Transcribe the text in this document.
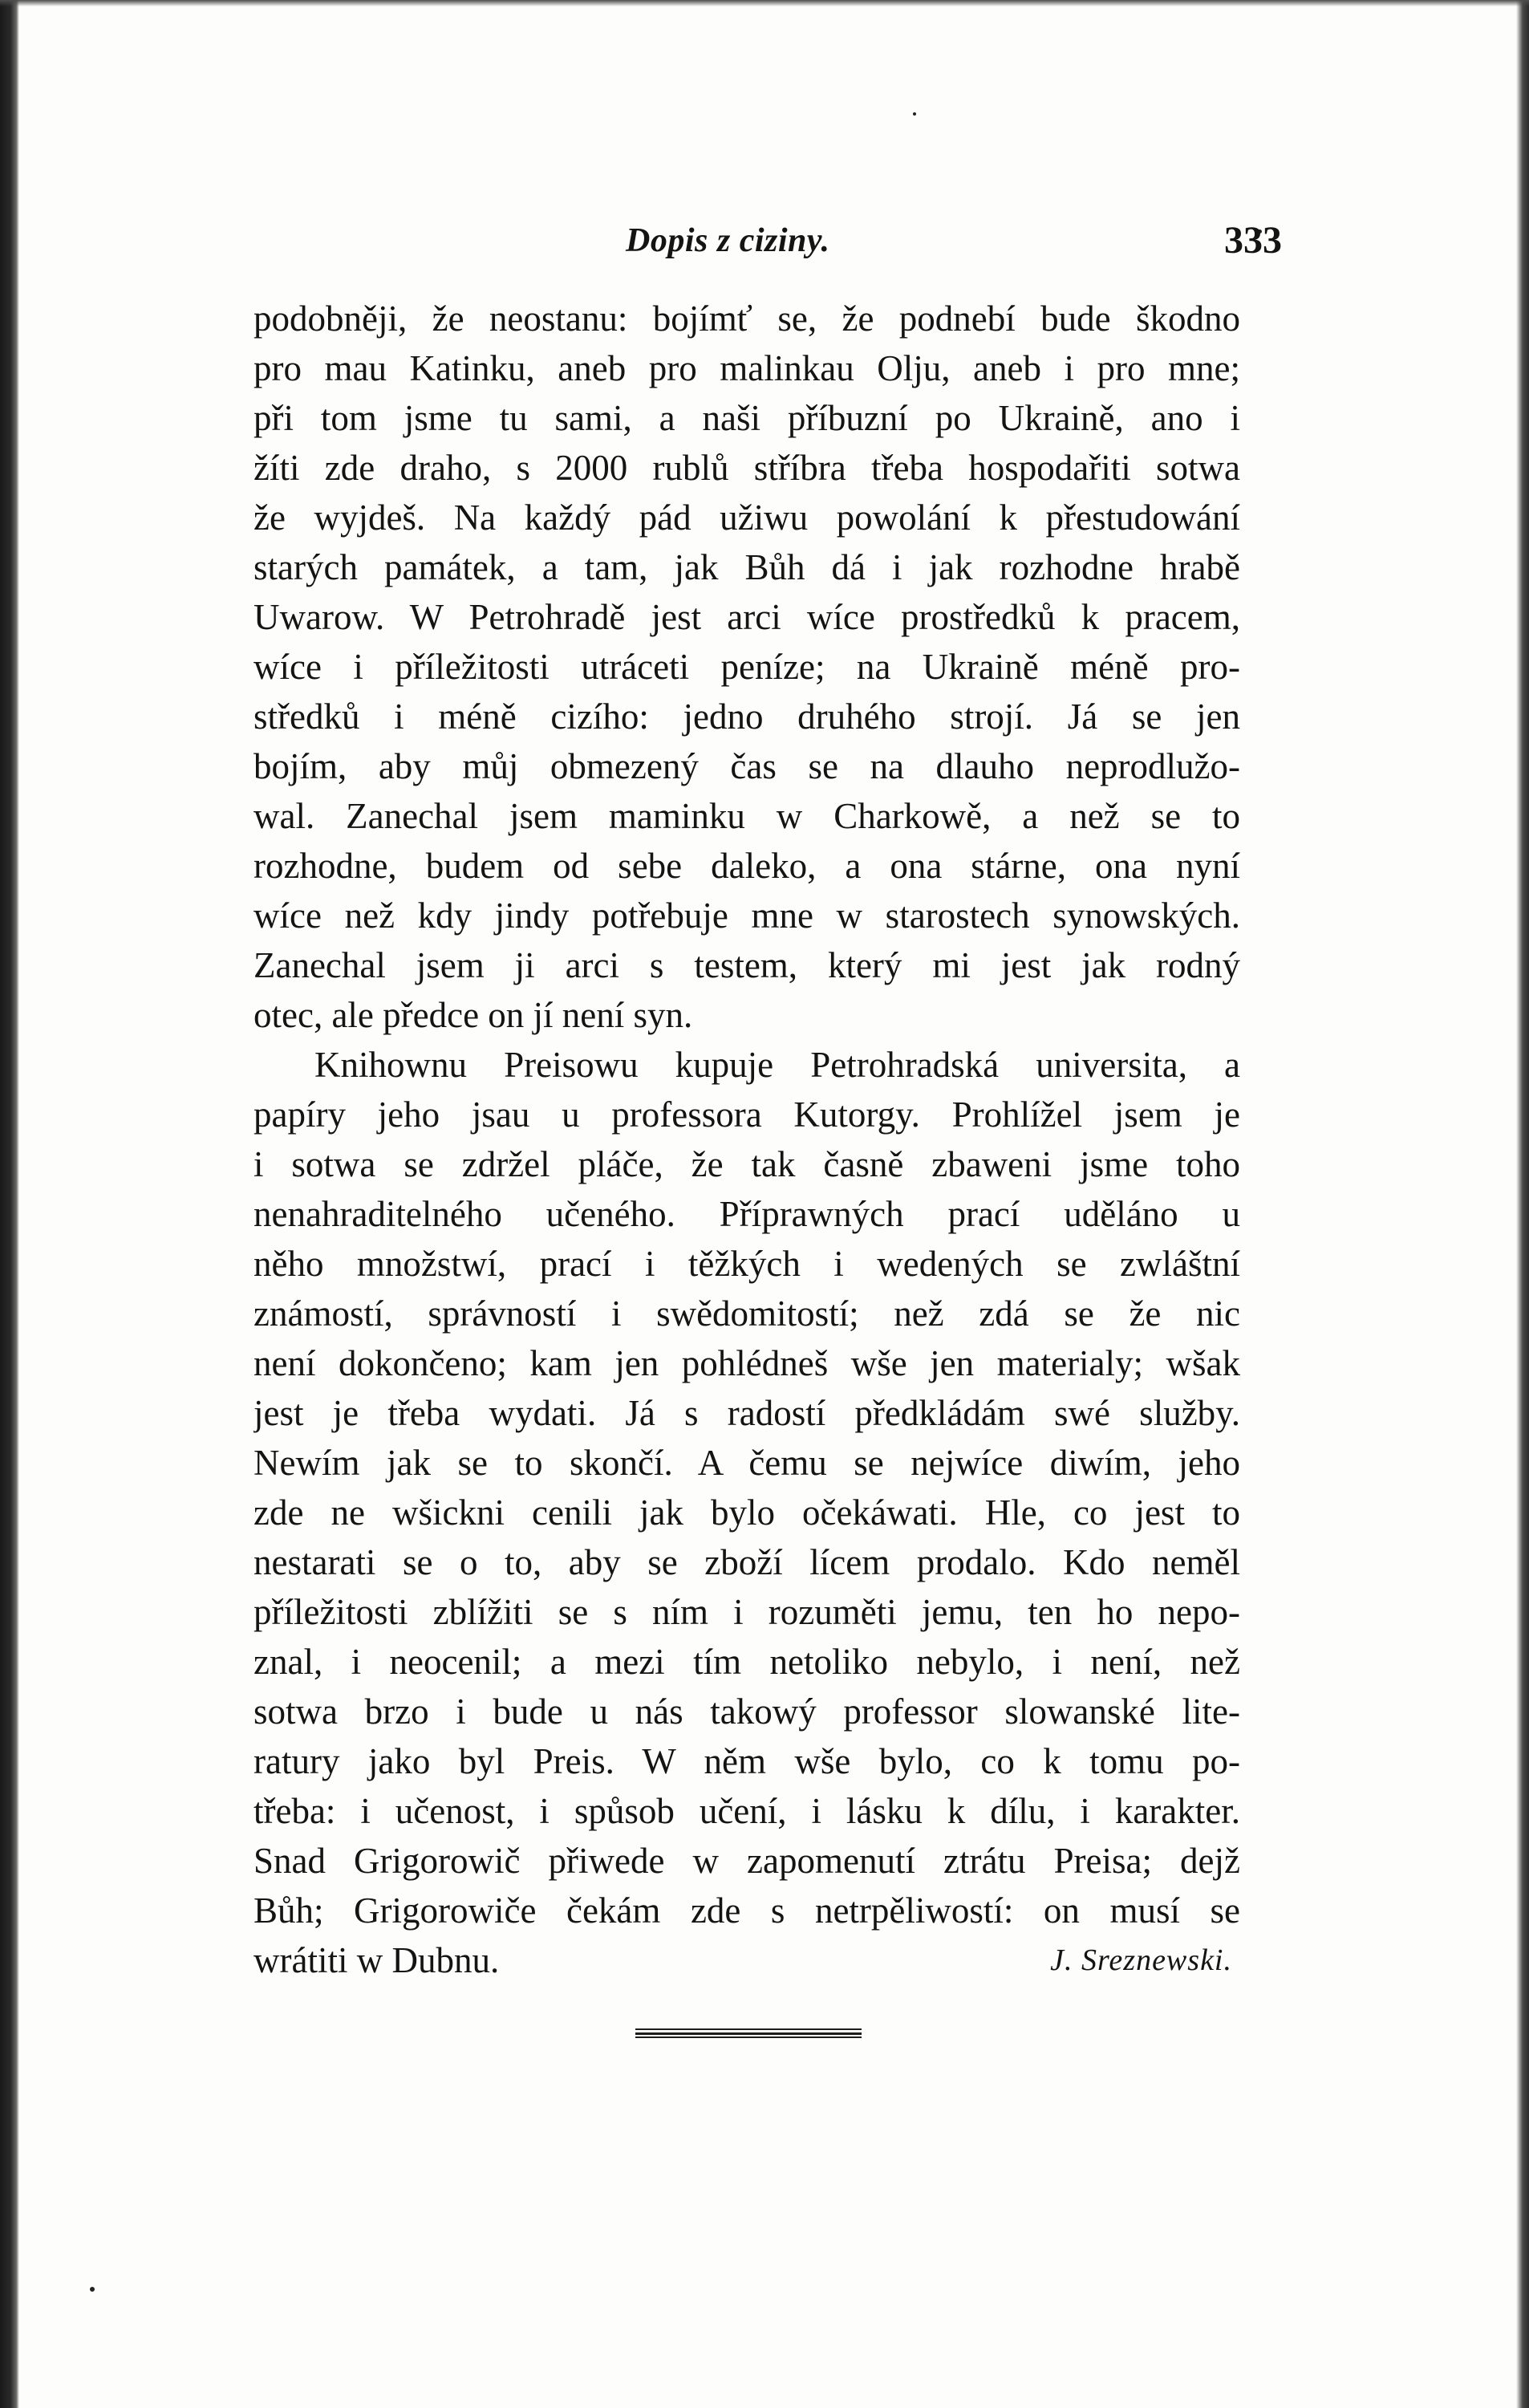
Dopis z ciziny.	333
podobněji, že neostanu: bojímť se, že podnebí bude škodno
pro mau Katinku, aneb pro malinkau Olju, aneb i pro mne;
při tom jsme tu sami, a naši příbuzní po Ukraině, ano i
žíti zde draho, s 2000 rublů stříbra třeba hospodařiti sotwa
že wyjdeš. Na každý pád užiwu powolání k přestudowání
starých památek, a tam, jak Bůh dá i jak rozhodne hrabě
Uwarow. W Petrohradě jest arci wíce prostředků k pracem,
wíce i příležitosti utráceti peníze; na Ukraině méně pro-
středků i méně cizího: jedno druhého strojí. Já se jen
bojím, aby můj obmezený čas se na dlauho neprodlužo-
wal. Zanechal jsem maminku w Charkowě, a než se to
rozhodne, budem od sebe daleko, a ona stárne, ona nyní
wíce než kdy jindy potřebuje mne w starostech synowských.
Zanechal jsem ji arci s testem, který mi jest jak rodný
otec, ale předce on jí není syn.
Knihownu Preisowu kupuje Petrohradská universita, a
papíry jeho jsau u professora Kutorgy. Prohlížel jsem je
i sotwa se zdržel pláče, že tak časně zbaweni jsme toho
nenahraditelného učeného. Příprawných prací uděláno u
něho množstwí, prací i těžkých i wedených se zwláštní
známostí, správností i swědomitostí; než zdá se že nic
není dokončeno; kam jen pohlédneš wše jen materialy; wšak
jest je třeba wydati. Já s radostí předkládám swé služby.
Newím jak se to skončí. A čemu se nejwíce diwím, jeho
zde ne wšickni cenili jak bylo očekáwati. Hle, co jest to
nestarati se o to, aby se zboží lícem prodalo. Kdo neměl
příležitosti zblížiti se s ním i rozuměti jemu, ten ho nepo-
znal, i neocenil; a mezi tím netoliko nebylo, i není, než
sotwa brzo i bude u nás takowý professor slowanské lite-
ratury jako byl Preis. W něm wše bylo, co k tomu po-
třeba: i učenost, i spůsob učení, i lásku k dílu, i karakter.
Snad Grigorowič přiwede w zapomenutí ztrátu Preisa; dejž
Bůh; Grigorowiče čekám zde s netrpěliwostí: on musí se
wrátiti w Dubnu.	J. Sreznewski.
